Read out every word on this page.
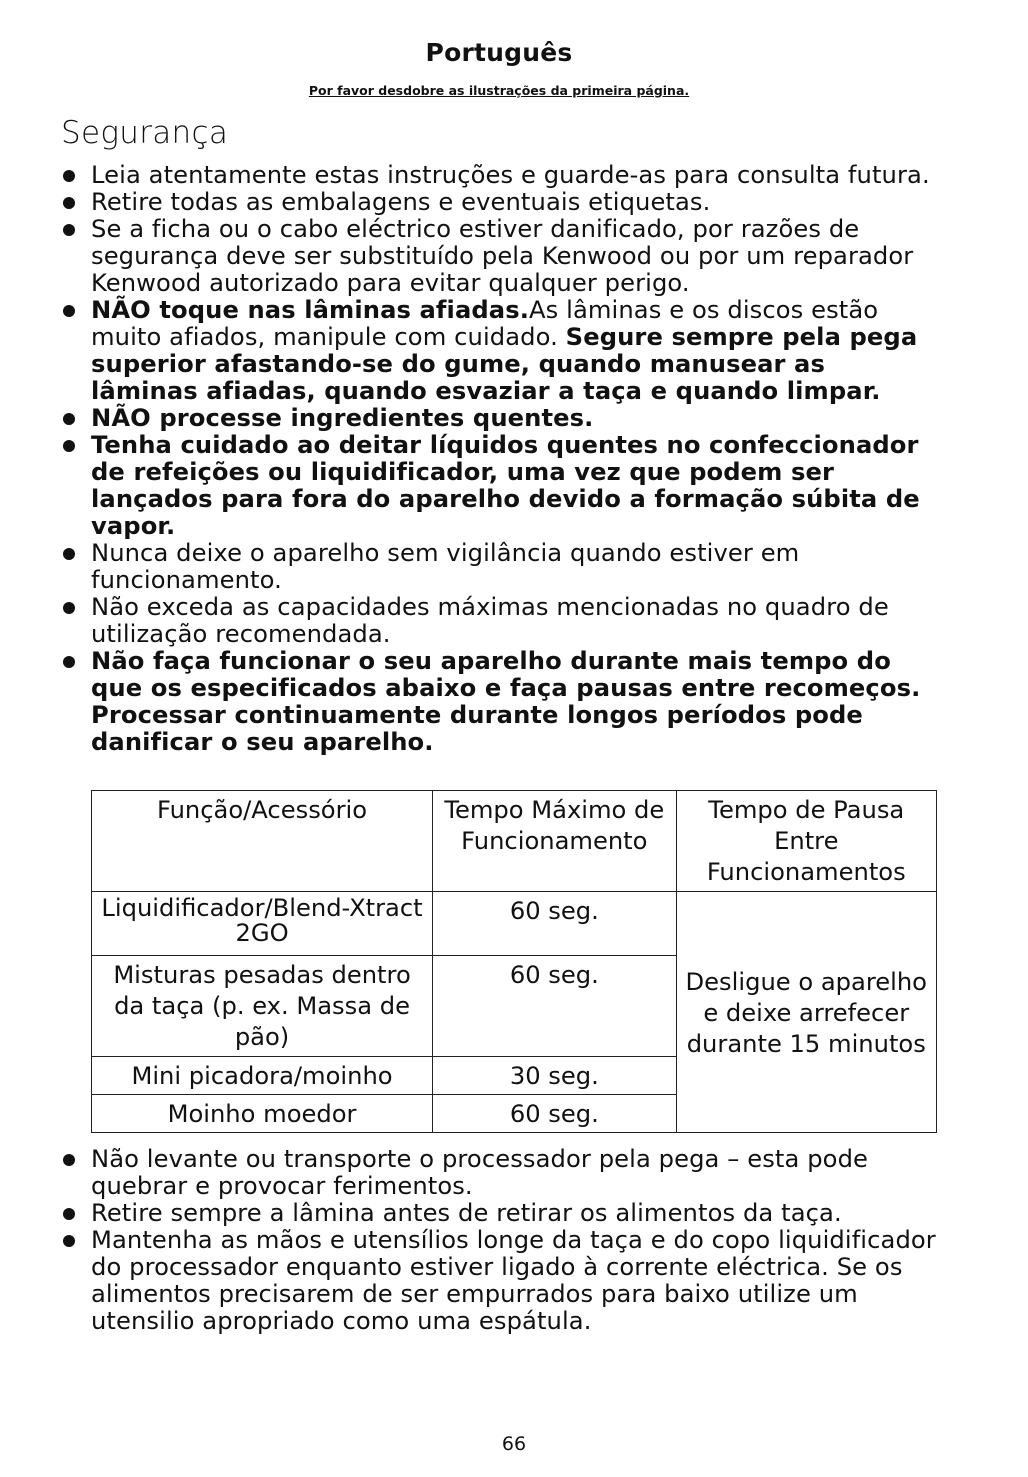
Português
Por favor desdobre as ilustrações da primeira página.
Segurança
Leia atentamente estas instruções e guarde-as para consulta futura.
Retire todas as embalagens e eventuais etiquetas.
Se a ficha ou o cabo eléctrico estiver danificado, por razões de segurança deve ser substituído pela Kenwood ou por um reparador Kenwood autorizado para evitar qualquer perigo.
NÃO toque nas lâminas afiadas.As lâminas e os discos estão muito afiados, manipule com cuidado. Segure sempre pela pega superior afastando-se do gume, quando manusear as lâminas afiadas, quando esvaziar a taça e quando limpar.
NÃO processe ingredientes quentes.
Tenha cuidado ao deitar líquidos quentes no confeccionador de refeições ou liquidificador, uma vez que podem ser lançados para fora do aparelho devido a formação súbita de vapor.
Nunca deixe o aparelho sem vigilância quando estiver em funcionamento.
Não exceda as capacidades máximas mencionadas no quadro de utilização recomendada.
Não faça funcionar o seu aparelho durante mais tempo do que os especificados abaixo e faça pausas entre recomeços. Processar continuamente durante longos períodos pode danificar o seu aparelho.
Função/Acessório	Tempo Máximo de Funcionamento	Tempo de Pausa Entre Funcionamentos
Liquidificador/Blend-Xtract 2GO	60 seg.	Desligue o aparelho e deixe arrefecer durante 15 minutos
Misturas pesadas dentro da taça (p. ex. Massa de pão)	60 seg.	
Mini picadora/moinho	30 seg.	
Moinho moedor	60 seg.	
Não levante ou transporte o processador pela pega – esta pode quebrar e provocar ferimentos.
Retire sempre a lâmina antes de retirar os alimentos da taça.
Mantenha as mãos e utensílios longe da taça e do copo liquidificador do processador enquanto estiver ligado à corrente eléctrica. Se os alimentos precisarem de ser empurrados para baixo utilize um utensilio apropriado como uma espátula.
66
